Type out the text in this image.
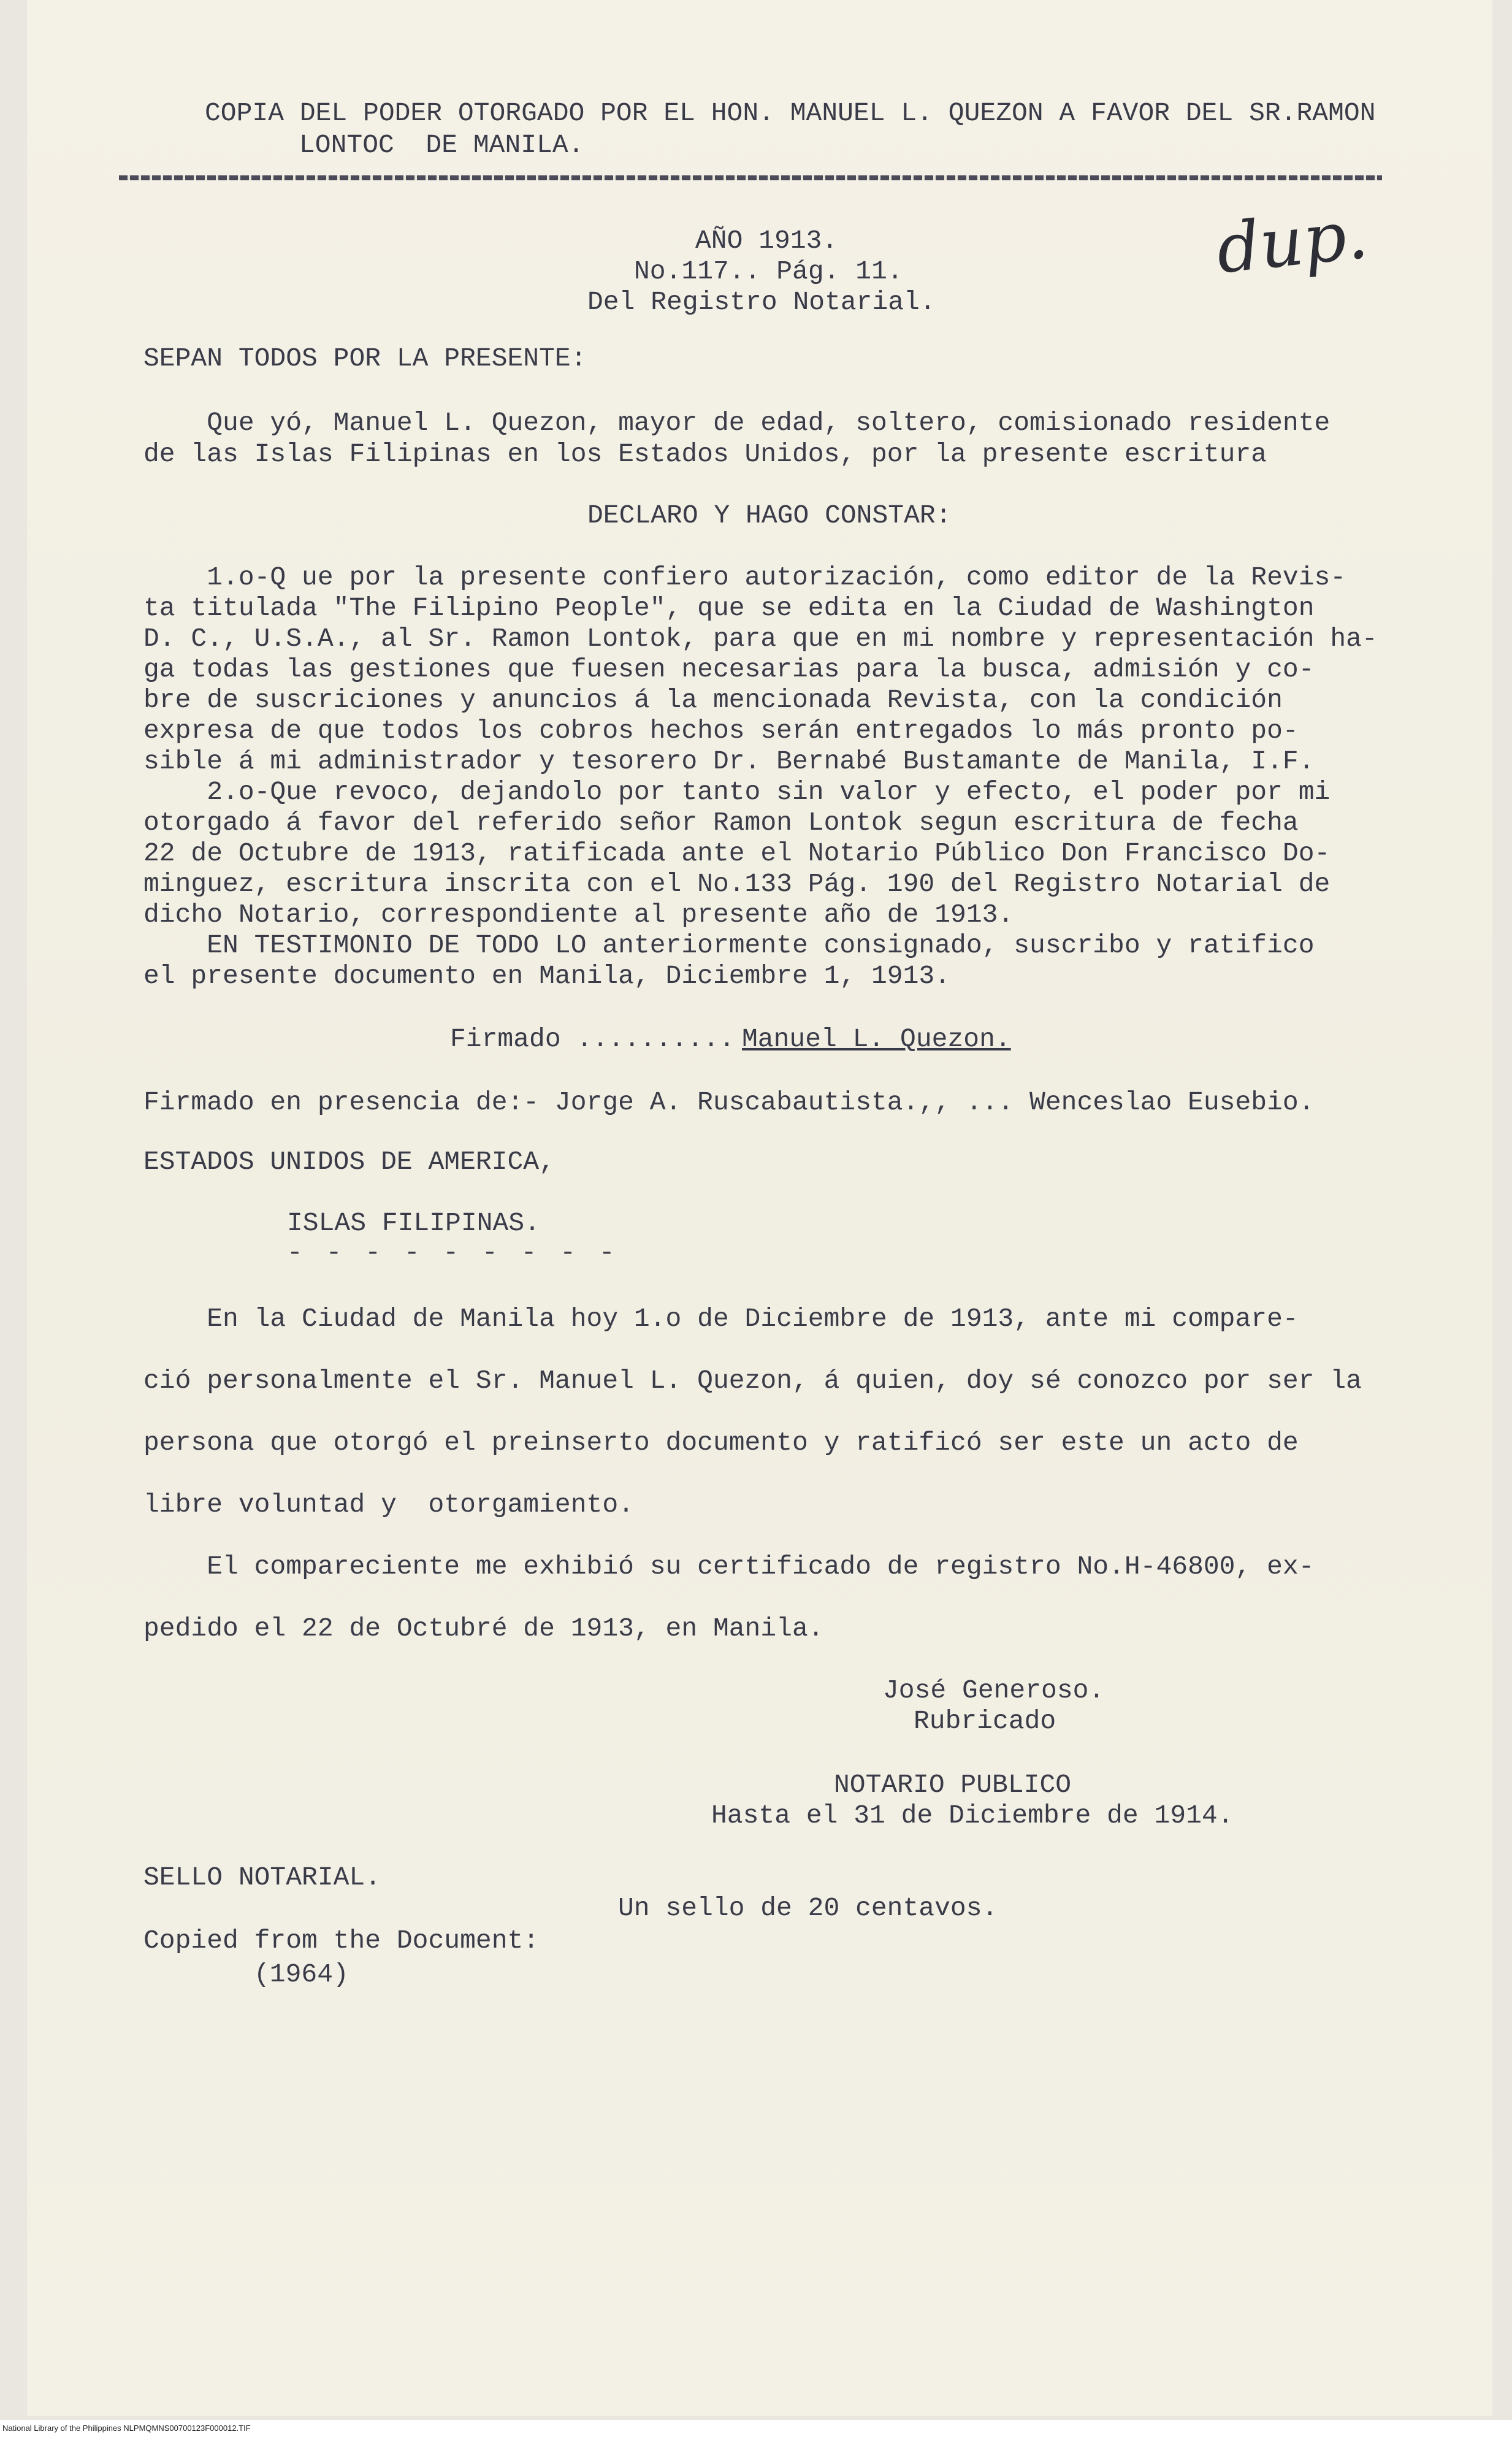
COPIA DEL PODER OTORGADO POR EL HON. MANUEL L. QUEZON A FAVOR DEL SR.RAMON
LONTOC  DE MANILA.
AÑO 1913.
No.117.. Pág. 11.
Del Registro Notarial.
dup.
SEPAN TODOS POR LA PRESENTE:
Que yó, Manuel L. Quezon, mayor de edad, soltero, comisionado residente
de las Islas Filipinas en los Estados Unidos, por la presente escritura
DECLARO Y HAGO CONSTAR:
1.o-Q ue por la presente confiero autorización, como editor de la Revis-
ta titulada "The Filipino People", que se edita en la Ciudad de Washington
D. C., U.S.A., al Sr. Ramon Lontok, para que en mi nombre y representación ha-
ga todas las gestiones que fuesen necesarias para la busca, admisión y co-
bre de suscriciones y anuncios á la mencionada Revista, con la condición
expresa de que todos los cobros hechos serán entregados lo más pronto po-
sible á mi administrador y tesorero Dr. Bernabé Bustamante de Manila, I.F.
2.o-Que revoco, dejandolo por tanto sin valor y efecto, el poder por mi
otorgado á favor del referido señor Ramon Lontok segun escritura de fecha
22 de Octubre de 1913, ratificada ante el Notario Público Don Francisco Do-
minguez, escritura inscrita con el No.133 Pág. 190 del Registro Notarial de
dicho Notario, correspondiente al presente año de 1913.
EN TESTIMONIO DE TODO LO anteriormente consignado, suscribo y ratifico
el presente documento en Manila, Diciembre 1, 1913.
Firmado .......... Manuel L. Quezon.
Firmado en presencia de:- Jorge A. Ruscabautista.,, ... Wenceslao Eusebio.
ESTADOS UNIDOS DE AMERICA,
ISLAS FILIPINAS.
- - - - - - - - -
En la Ciudad de Manila hoy 1.o de Diciembre de 1913, ante mi compare-
ció personalmente el Sr. Manuel L. Quezon, á quien, doy sé conozco por ser la
persona que otorgó el preinserto documento y ratificó ser este un acto de
libre voluntad y  otorgamiento.
El compareciente me exhibió su certificado de registro No.H-46800, ex-
pedido el 22 de Octubré de 1913, en Manila.
José Generoso.
Rubricado
NOTARIO PUBLICO
Hasta el 31 de Diciembre de 1914.
SELLO NOTARIAL.
Un sello de 20 centavos.
Copied from the Document:
(1964)
National Library of the Philippines NLPMQMNS00700123F000012.TIF
